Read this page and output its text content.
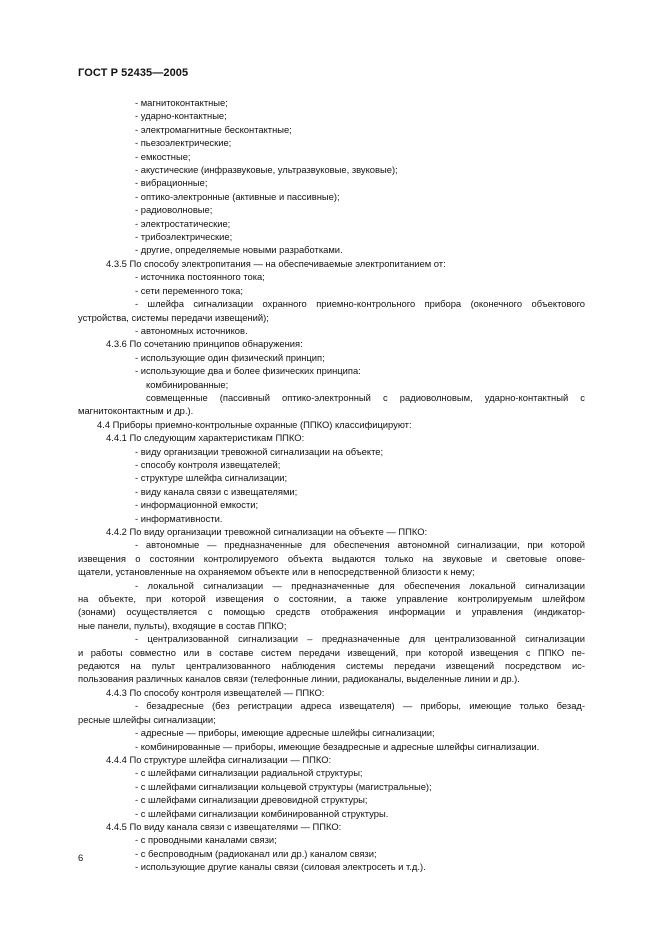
ГОСТ Р 52435—2005
- магнитоконтактные;
- ударно-контактные;
- электромагнитные бесконтактные;
- пьезоэлектрические;
- емкостные;
- акустические (инфразвуковые, ультразвуковые, звуковые);
- вибрационные;
- оптико-электронные (активные и пассивные);
- радиоволновые;
- электростатические;
- трибоэлектрические;
- другие, определяемые новыми разработками.
4.3.5 По способу электропитания — на обеспечиваемые электропитанием от:
- источника постоянного тока;
- сети переменного тока;
- шлейфа сигнализации охранного приемно-контрольного прибора (оконечного объектового
устройства, системы передачи извещений);
- автономных источников.
4.3.6 По сочетанию принципов обнаружения:
- использующие один физический принцип;
- использующие два и более физических принципа:
комбинированные;
совмещенные (пассивный оптико-электронный с радиоволновым, ударно-контактный с
магнитоконтактным и др.).
4.4 Приборы приемно-контрольные охранные (ППКО) классифицируют:
4.4.1 По следующим характеристикам ППКО:
- виду организации тревожной сигнализации на объекте;
- способу контроля извещателей;
- структуре шлейфа сигнализации;
- виду канала связи с извещателями;
- информационной емкости;
- информативности.
4.4.2 По виду организации тревожной сигнализации на объекте — ППКО:
- автономные — предназначенные для обеспечения автономной сигнализации, при которой
извещения о состоянии контролируемого объекта выдаются только на звуковые и световые опове-
щатели, установленные на охраняемом объекте или в непосредственной близости к нему;
- локальной сигнализации — предназначенные для обеспечения локальной сигнализации
на объекте, при которой извещения о состоянии, а также управление контролируемым шлейфом
(зонами) осуществляется с помощью средств отображения информации и управления (индикатор-
ные панели, пульты), входящие в состав ППКО;
- централизованной сигнализации – предназначенные для централизованной сигнализации
и работы совместно или в составе систем передачи извещений, при которой извещения с ППКО пе-
редаются на пульт централизованного наблюдения системы передачи извещений посредством ис-
пользования различных каналов связи (телефонные линии, радиоканалы, выделенные линии и др.).
4.4.3 По способу контроля извещателей — ППКО:
- безадресные (без регистрации адреса извещателя) — приборы, имеющие только безад-
ресные шлейфы сигнализации;
- адресные — приборы, имеющие адресные шлейфы сигнализации;
- комбинированные — приборы, имеющие безадресные и адресные шлейфы сигнализации.
4.4.4 По структуре шлейфа сигнализации — ППКО:
- с шлейфами сигнализации радиальной структуры;
- с шлейфами сигнализации кольцевой структуры (магистральные);
- с шлейфами сигнализации древовидной структуры;
- с шлейфами сигнализации комбинированной структуры.
4.4.5 По виду канала связи с извещателями — ППКО:
- с проводными каналами связи;
- с беспроводным (радиоканал или др.) каналом связи;
- использующие другие каналы связи (силовая электросеть и т.д.).
6
